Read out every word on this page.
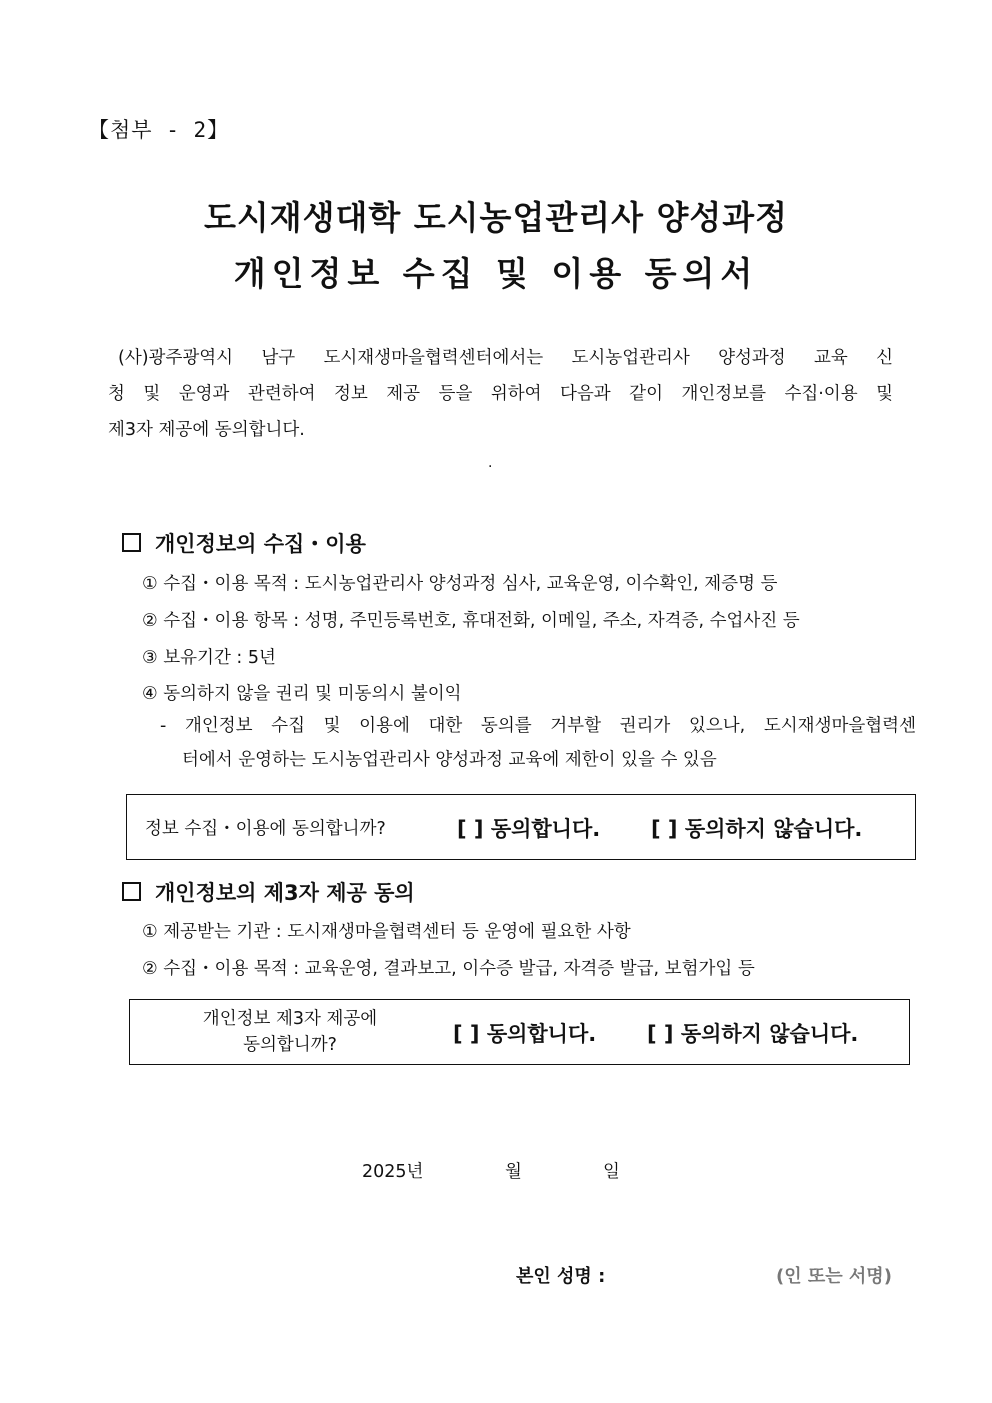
【첨부 - 2】
도시재생대학 도시농업관리사 양성과정
개인정보 수집 및 이용 동의서
(사)광주광역시 남구 도시재생마을협력센터에서는 도시농업관리사 양성과정 교육 신
청 및 운영과 관련하여 정보 제공 등을 위하여 다음과 같이 개인정보를 수집·이용 및
제3자 제공에 동의합니다.
.
개인정보의 수집・이용
① 수집・이용 목적 : 도시농업관리사 양성과정 심사, 교육운영, 이수확인, 제증명 등
② 수집・이용 항목 : 성명, 주민등록번호, 휴대전화, 이메일, 주소, 자격증, 수업사진 등
③ 보유기간 : 5년
④ 동의하지 않을 권리 및 미동의시 불이익
- 개인정보 수집 및 이용에 대한 동의를 거부할 권리가 있으나, 도시재생마을협력센
터에서 운영하는 도시농업관리사 양성과정 교육에 제한이 있을 수 있음
정보 수집・이용에 동의합니까?	[ ] 동의합니다. [ ] 동의하지 않습니다.
개인정보의 제3자 제공 동의
① 제공받는 기관 : 도시재생마을협력센터 등 운영에 필요한 사항
② 수집・이용 목적 : 교육운영, 결과보고, 이수증 발급, 자격증 발급, 보험가입 등
개인정보 제3자 제공에
동의합니까?	[ ] 동의합니다. [ ] 동의하지 않습니다.
2025년	월	일
본인 성명 :	(인 또는 서명)
